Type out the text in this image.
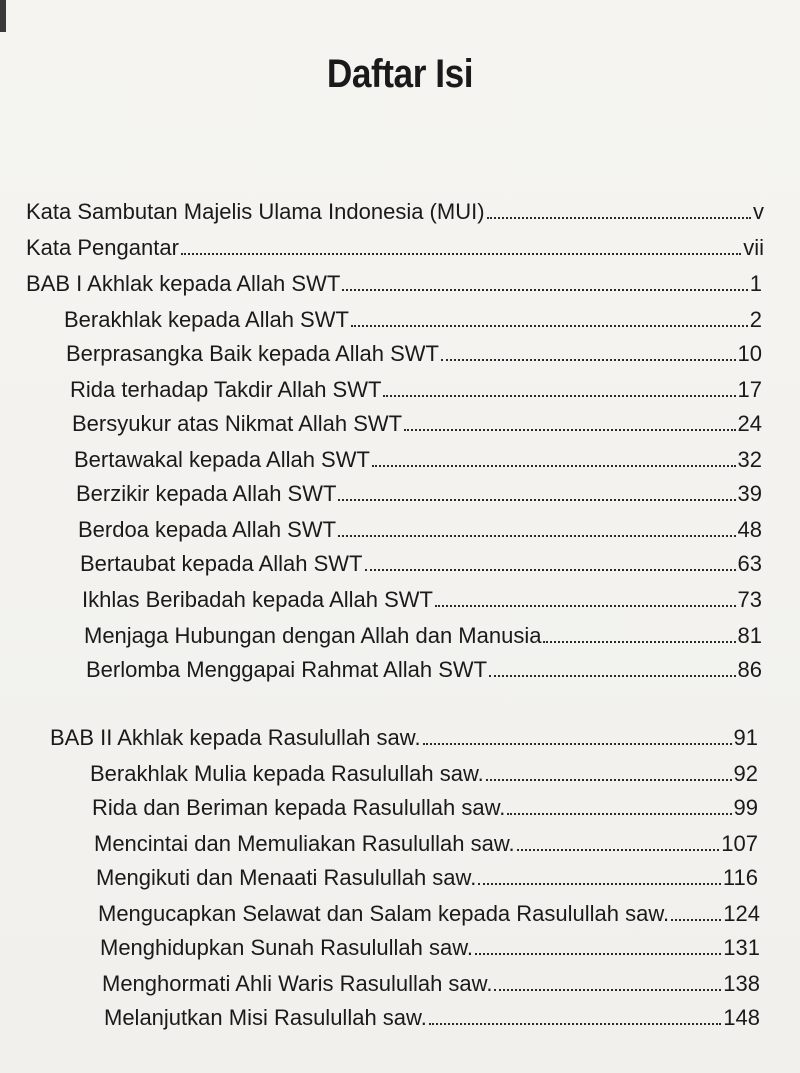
Daftar Isi
Kata Sambutan Majelis Ulama Indonesia (MUI)	v
Kata Pengantar	vii
BAB I Akhlak kepada Allah SWT	1
Berakhlak kepada Allah SWT	2
Berprasangka Baik kepada Allah SWT	10
Rida terhadap Takdir Allah SWT	17
Bersyukur atas Nikmat Allah SWT	24
Bertawakal kepada Allah SWT	32
Berzikir kepada Allah SWT	39
Berdoa kepada Allah SWT	48
Bertaubat kepada Allah SWT	63
Ikhlas Beribadah kepada Allah SWT	73
Menjaga Hubungan dengan Allah dan Manusia	81
Berlomba Menggapai Rahmat Allah SWT	86
BAB II Akhlak kepada Rasulullah saw.	91
Berakhlak Mulia kepada Rasulullah saw.	92
Rida dan Beriman kepada Rasulullah saw.	99
Mencintai dan Memuliakan Rasulullah saw.	107
Mengikuti dan Menaati Rasulullah saw.	116
Mengucapkan Selawat dan Salam kepada Rasulullah saw. 124
Menghidupkan Sunah Rasulullah saw.	131
Menghormati Ahli Waris Rasulullah saw.	138
Melanjutkan Misi Rasulullah saw.	148
